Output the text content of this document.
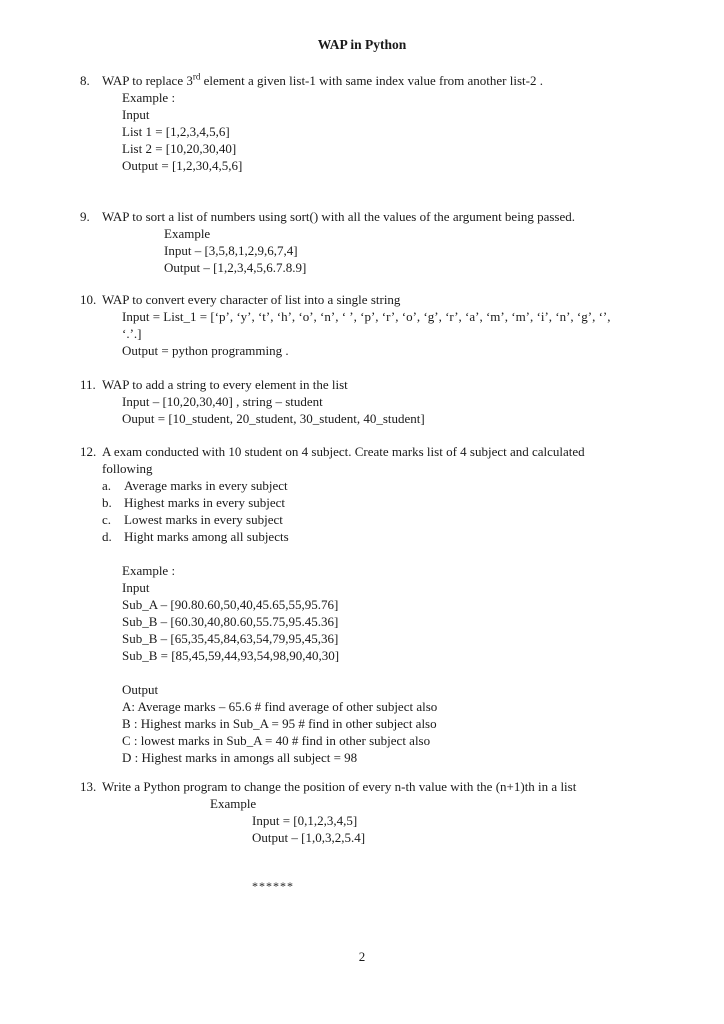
WAP in Python
8. WAP to replace 3rd element a given list-1 with same index value from another list-2 .
Example :
Input
List 1 = [1,2,3,4,5,6]
List 2 = [10,20,30,40]
Output = [1,2,30,4,5,6]
9. WAP to sort a list of numbers using sort() with all the values of the argument being passed.
Example
Input – [3,5,8,1,2,9,6,7,4]
Output – [1,2,3,4,5,6.7.8.9]
10. WAP to convert every character of list into a single string
Input = List_1 = [‘p’, ‘y’, ‘t’, ‘h’, ‘o’, ‘n’, ‘ ’, ‘p’, ‘r’, ‘o’, ‘g’, ‘r’, ‘a’, ‘m’, ‘m’, ‘i’, ‘n’, ‘g’, ‘’,
‘.’.]
Output = python programming .
11. WAP to add a string to every element in the list
Input – [10,20,30,40] , string – student
Ouput = [10_student, 20_student, 30_student, 40_student]
12. A exam conducted with 10 student on 4 subject. Create marks list of 4 subject and calculated
following
a. Average marks in every subject
b. Highest marks in every subject
c. Lowest marks in every subject
d. Hight marks among all subjects
Example :
Input
Sub_A – [90.80.60,50,40,45.65,55,95.76]
Sub_B – [60.30,40,80.60,55.75,95.45.36]
Sub_B – [65,35,45,84,63,54,79,95,45,36]
Sub_B = [85,45,59,44,93,54,98,90,40,30]
Output
A: Average marks – 65.6 # find average of other subject also
B : Highest marks in Sub_A = 95 # find in other subject also
C : lowest marks in Sub_A = 40 # find in other subject also
D : Highest marks in amongs all subject = 98
13. Write a Python program to change the position of every n-th value with the (n+1)th in a list
Example
Input = [0,1,2,3,4,5]
Output – [1,0,3,2,5.4]
******
2
